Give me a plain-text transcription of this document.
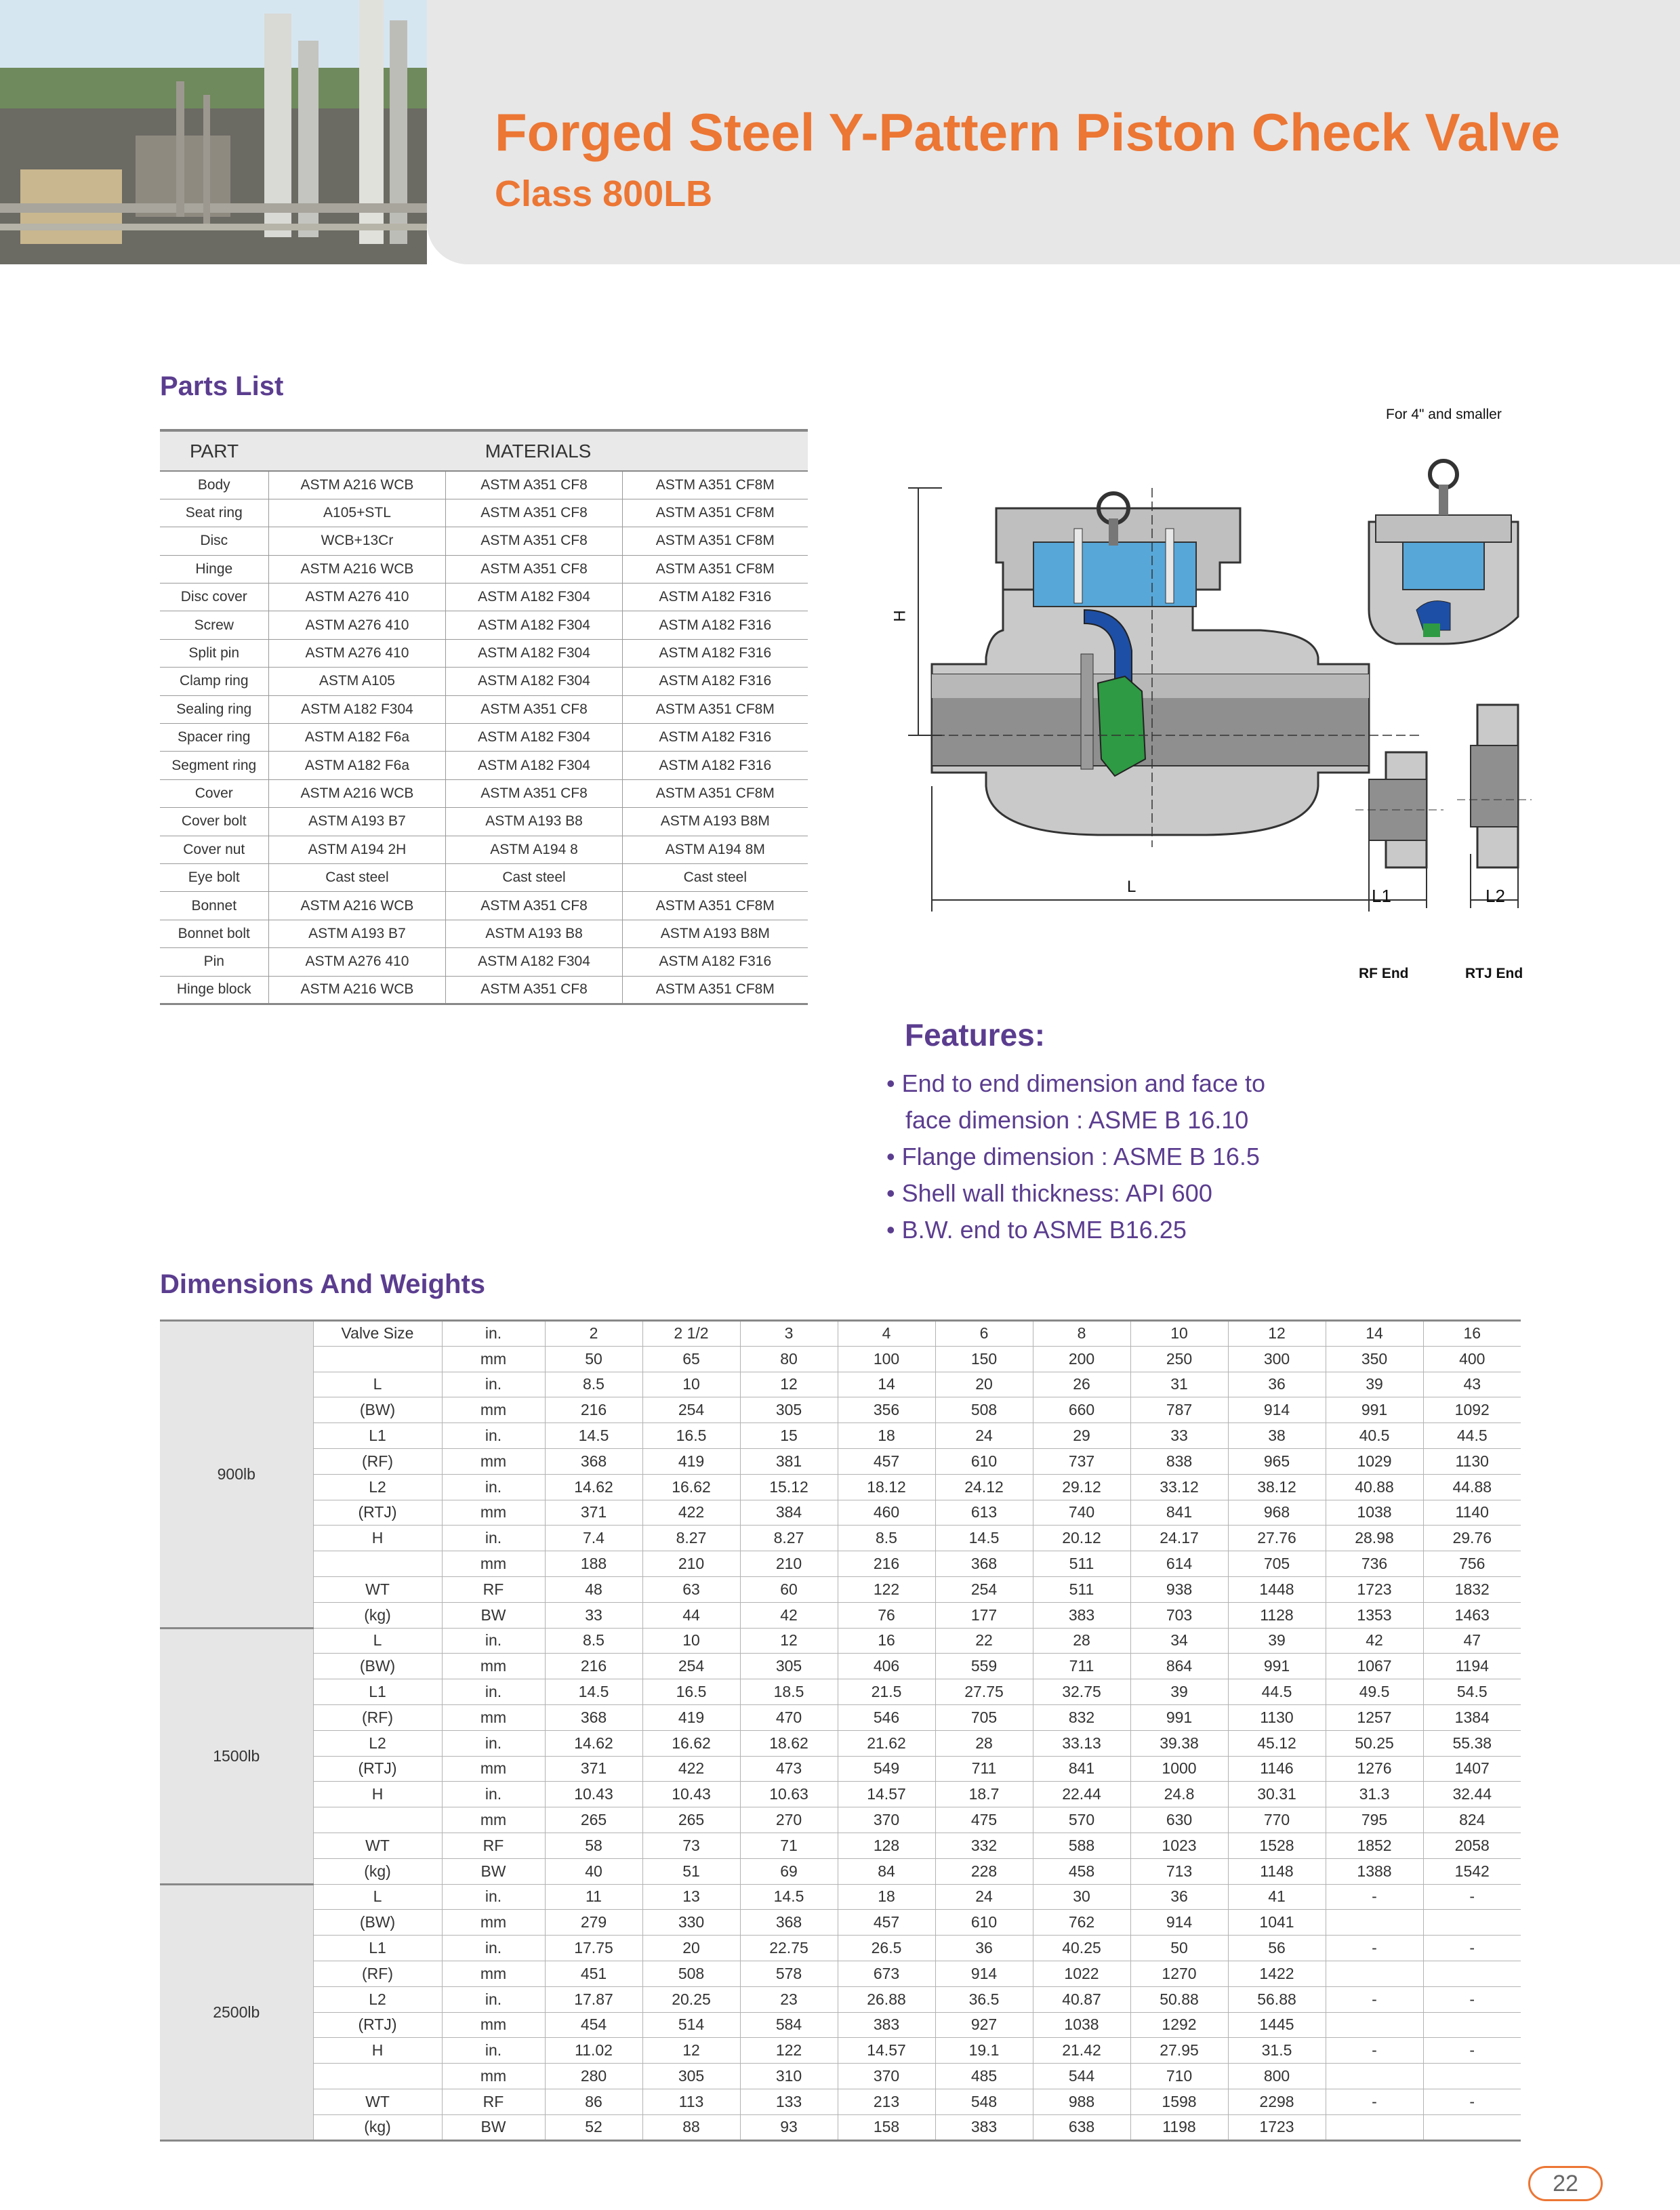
Forged Steel Y-Pattern Piston Check Valve
Class 800LB
Parts List
PART	MATERIALS		
Body	ASTM A216 WCB	ASTM A351 CF8	ASTM A351 CF8M
Seat ring	A105+STL	ASTM A351 CF8	ASTM A351 CF8M
Disc	WCB+13Cr	ASTM A351 CF8	ASTM A351 CF8M
Hinge	ASTM A216 WCB	ASTM A351 CF8	ASTM A351 CF8M
Disc cover	ASTM A276 410	ASTM A182 F304	ASTM A182 F316
Screw	ASTM A276 410	ASTM A182 F304	ASTM A182 F316
Split pin	ASTM A276 410	ASTM A182 F304	ASTM A182 F316
Clamp ring	ASTM A105	ASTM A182 F304	ASTM A182 F316
Sealing ring	ASTM A182 F304	ASTM A351 CF8	ASTM A351 CF8M
Spacer ring	ASTM A182 F6a	ASTM A182 F304	ASTM A182 F316
Segment ring	ASTM A182 F6a	ASTM A182 F304	ASTM A182 F316
Cover	ASTM A216 WCB	ASTM A351 CF8	ASTM A351 CF8M
Cover bolt	ASTM A193 B7	ASTM A193 B8	ASTM A193 B8M
Cover nut	ASTM A194 2H	ASTM A194 8	ASTM A194 8M
Eye bolt	Cast steel	Cast steel	Cast steel
Bonnet	ASTM A216 WCB	ASTM A351 CF8	ASTM A351 CF8M
Bonnet bolt	ASTM A193 B7	ASTM A193 B8	ASTM A193 B8M
Pin	ASTM A276 410	ASTM A182 F304	ASTM A182 F316
Hinge block	ASTM A216 WCB	ASTM A351 CF8	ASTM A351 CF8M
For 4" and smaller
H
L	L1	L2
RF End	RTJ End
Features:
• End to end dimension and face to
face dimension : ASME B 16.10
• Flange dimension : ASME B 16.5
• Shell wall thickness: API 600
• B.W. end to ASME B16.25
Dimensions And Weights
900lb	Valve Size	in.	2	2 1/2	3	4	6	8	10	12	14	16
		mm	50	65	80	100	150	200	250	300	350	400
	L	in.	8.5	10	12	14	20	26	31	36	39	43
	(BW)	mm	216	254	305	356	508	660	787	914	991	1092
	L1	in.	14.5	16.5	15	18	24	29	33	38	40.5	44.5
	(RF)	mm	368	419	381	457	610	737	838	965	1029	1130
	L2	in.	14.62	16.62	15.12	18.12	24.12	29.12	33.12	38.12	40.88	44.88
	(RTJ)	mm	371	422	384	460	613	740	841	968	1038	1140
	H	in.	7.4	8.27	8.27	8.5	14.5	20.12	24.17	27.76	28.98	29.76
		mm	188	210	210	216	368	511	614	705	736	756
	WT	RF	48	63	60	122	254	511	938	1448	1723	1832
	(kg)	BW	33	44	42	76	177	383	703	1128	1353	1463
1500lb	L	in.	8.5	10	12	16	22	28	34	39	42	47
	(BW)	mm	216	254	305	406	559	711	864	991	1067	1194
	L1	in.	14.5	16.5	18.5	21.5	27.75	32.75	39	44.5	49.5	54.5
	(RF)	mm	368	419	470	546	705	832	991	1130	1257	1384
	L2	in.	14.62	16.62	18.62	21.62	28	33.13	39.38	45.12	50.25	55.38
	(RTJ)	mm	371	422	473	549	711	841	1000	1146	1276	1407
	H	in.	10.43	10.43	10.63	14.57	18.7	22.44	24.8	30.31	31.3	32.44
		mm	265	265	270	370	475	570	630	770	795	824
	WT	RF	58	73	71	128	332	588	1023	1528	1852	2058
	(kg)	BW	40	51	69	84	228	458	713	1148	1388	1542
2500lb	L	in.	11	13	14.5	18	24	30	36	41	-	-
	(BW)	mm	279	330	368	457	610	762	914	1041		
	L1	in.	17.75	20	22.75	26.5	36	40.25	50	56	-	-
	(RF)	mm	451	508	578	673	914	1022	1270	1422		
	L2	in.	17.87	20.25	23	26.88	36.5	40.87	50.88	56.88	-	-
	(RTJ)	mm	454	514	584	383	927	1038	1292	1445		
	H	in.	11.02	12	122	14.57	19.1	21.42	27.95	31.5	-	-
		mm	280	305	310	370	485	544	710	800		
	WT	RF	86	113	133	213	548	988	1598	2298	-	-
	(kg)	BW	52	88	93	158	383	638	1198	1723		
22
